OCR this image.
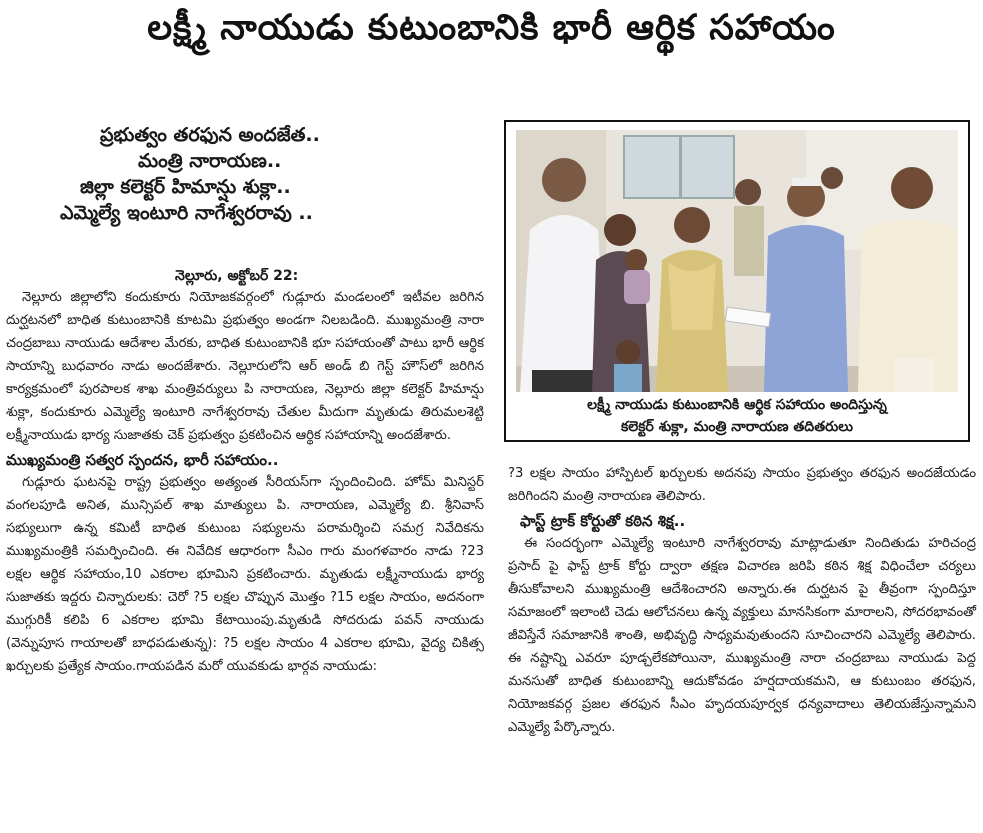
లక్ష్మీ నాయుడు కుటుంబానికి భారీ ఆర్థిక సహాయం
ప్రభుత్వం తరఫున అందజేత..
మంత్రి నారాయణ..
జిల్లా కలెక్టర్ హిమాన్షు శుక్లా..
ఎమ్మెల్యే ఇంటూరి నాగేశ్వరరావు ..
నెల్లూరు, అక్టోబర్ 22:

నెల్లూరు జిల్లాలోని కందుకూరు నియోజకవర్గంలో గుడ్లూరు మండలంలో ఇటీవల జరిగిన దుర్ఘటనలో బాధిత కుటుంబానికి కూటమి ప్రభుత్వం అండగా నిలబడింది. ముఖ్యమంత్రి నారా చంద్రబాబు నాయుడు ఆదేశాల మేరకు, బాధిత కుటుంబానికి భూ సహాయంతో పాటు భారీ ఆర్థిక సాయాన్ని బుధవారం నాడు అందజేశారు. నెల్లూరులోని ఆర్ అండ్ బి గెస్ట్ హౌస్‌లో జరిగిన కార్యక్రమంలో పురపాలక శాఖ మంత్రివర్యులు పి నారాయణ, నెల్లూరు జిల్లా కలెక్టర్ హిమాన్షు శుక్లా, కందుకూరు ఎమ్మెల్యే ఇంటూరి నాగేశ్వరరావు చేతుల మీదుగా మృతుడు తిరుమలశెట్టి లక్ష్మీనాయుడు భార్య సుజాతకు చెక్ ప్రభుత్వం ప్రకటించిన ఆర్థిక సహాయాన్ని అందజేశారు.

ముఖ్యమంత్రి సత్వర స్పందన, భారీ సహాయం..

గుడ్లూరు ఘటనపై రాష్ట్ర ప్రభుత్వం అత్యంత సీరియస్‌గా స్పందించింది. హోమ్ మినిస్టర్ వంగలపూడి అనిత, మున్సిపల్ శాఖ మాత్యులు పి. నారాయణ, ఎమ్మెల్యే బి. శ్రీనివాస్ సభ్యులుగా ఉన్న కమిటీ బాధిత కుటుంబ సభ్యులను పరామర్శించి సమగ్ర నివేదికను ముఖ్యమంత్రికి సమర్పించింది. ఈ నివేదిక ఆధారంగా సీఎం గారు మంగళవారం నాడు ?23 లక్షల ఆర్థిక సహాయం,10 ఎకరాల భూమిని ప్రకటించారు. మృతుడు లక్ష్మీనాయుడు భార్య సుజాతకు ఇద్దరు చిన్నారులకు: చెరో ?5 లక్షల చొప్పున మొత్తం ?15 లక్షల సాయం, అదనంగా ముగ్గురికీ కలిపి 6 ఎకరాల భూమి కేటాయింపు.మృతుడి సోదరుడు పవన్ నాయుడు (వెన్నుపూస గాయాలతో బాధపడుతున్న): ?5 లక్షల సాయం 4 ఎకరాల భూమి, వైద్య చికిత్స ఖర్చులకు ప్రత్యేక సాయం.గాయపడిన మరో యువకుడు భార్గవ నాయుడు:

లక్ష్మీ నాయుడు కుటుంబానికి ఆర్థిక సహాయం అందిస్తున్న
కలెక్టర్ శుక్లా, మంత్రి నారాయణ తదితరులు

?3 లక్షల సాయం హాస్పిటల్ ఖర్చులకు అదనపు సాయం ప్రభుత్వం తరఫున అందజేయడం జరిగిందని మంత్రి నారాయణ తెలిపారు.

ఫాస్ట్ ట్రాక్ కోర్టుతో కఠిన శిక్ష..

ఈ సందర్భంగా ఎమ్మెల్యే ఇంటూరి నాగేశ్వరరావు మాట్లాడుతూ నిందితుడు హరిచంద్ర ప్రసాద్ పై ఫాస్ట్ ట్రాక్ కోర్టు ద్వారా తక్షణ విచారణ జరిపి కఠిన శిక్ష విధించేలా చర్యలు తీసుకోవాలని ముఖ్యమంత్రి ఆదేశించారని అన్నారు.ఈ దుర్ఘటన పై తీవ్రంగా స్పందిస్తూ సమాజంలో ఇలాంటి చెడు ఆలోచనలు ఉన్న వ్యక్తులు మానసికంగా మారాలని, సోదరభావంతో జీవిస్తేనే సమాజానికి శాంతి, అభివృద్ధి సాధ్యమవుతుందని సూచించారని ఎమ్మెల్యే తెలిపారు. ఈ నష్టాన్ని ఎవరూ పూడ్చలేకపోయినా, ముఖ్యమంత్రి నారా చంద్రబాబు నాయుడు పెద్ద మనసుతో బాధిత కుటుంబాన్ని ఆదుకోవడం హర్షదాయకమని, ఆ కుటుంబం తరఫున, నియోజకవర్గ ప్రజల తరఫున సీఎం హృదయపూర్వక ధన్యవాదాలు తెలియజేస్తున్నామని ఎమ్మెల్యే పేర్కొన్నారు.
